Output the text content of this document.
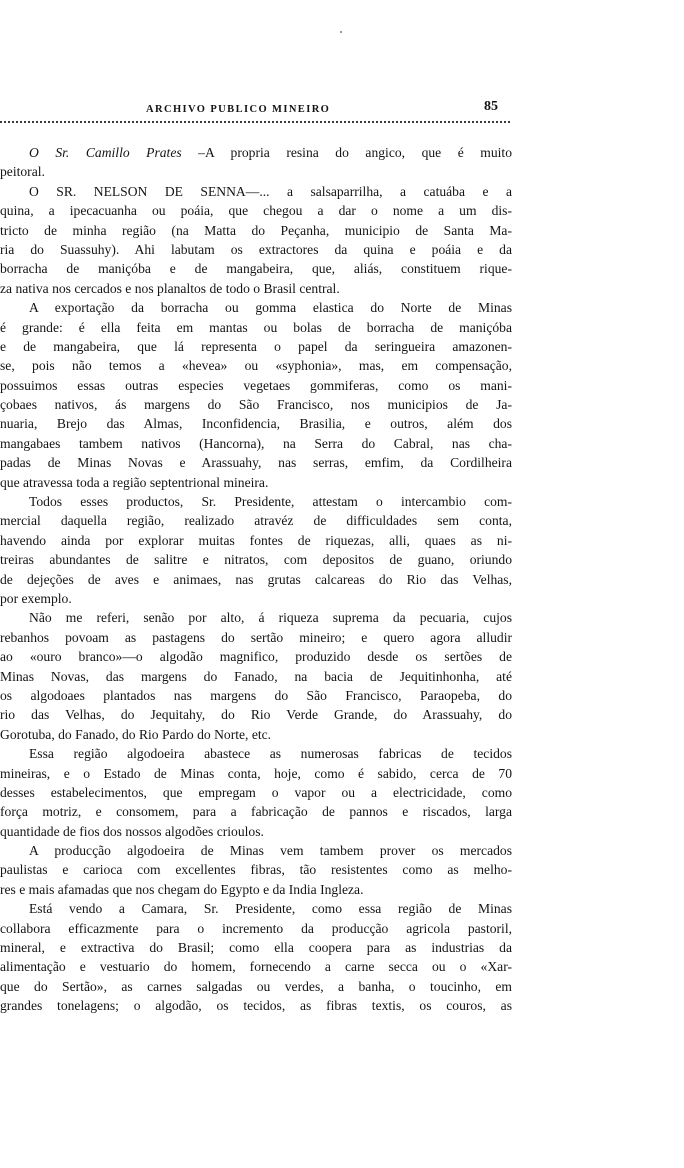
ARCHIVO PUBLICO MINEIRO	85
O Sr. Camillo Prates –A propria resina do angico, que é muito
peitoral.
O SR. NELSON DE SENNA—... a salsaparrilha, a catuába e a
quina, a ipecacuanha ou poáia, que chegou a dar o nome a um dis-
tricto de minha região (na Matta do Peçanha, municipio de Santa Ma-
ria do Suassuhy). Ahi labutam os extractores da quina e poáia e da
borracha de maniçóba e de mangabeira, que, aliás, constituem rique-
za nativa nos cercados e nos planaltos de todo o Brasil central.
A exportação da borracha ou gomma elastica do Norte de Minas
é grande: é ella feita em mantas ou bolas de borracha de maniçóba
e de mangabeira, que lá representa o papel da seringueira amazonen-
se, pois não temos a «hevea» ou «syphonia», mas, em compensação,
possuimos essas outras especies vegetaes gommiferas, como os mani-
çobaes nativos, ás margens do São Francisco, nos municipios de Ja-
nuaria, Brejo das Almas, Inconfidencia, Brasilia, e outros, além dos
mangabaes tambem nativos (Hancorna), na Serra do Cabral, nas cha-
padas de Minas Novas e Arassuahy, nas serras, emfim, da Cordilheira
que atravessa toda a região septentrional mineira.
Todos esses productos, Sr. Presidente, attestam o intercambio com-
mercial daquella região, realizado atravéz de difficuldades sem conta,
havendo ainda por explorar muitas fontes de riquezas, alli, quaes as ni-
treiras abundantes de salitre e nitratos, com depositos de guano, oriundo
de dejeções de aves e animaes, nas grutas calcareas do Rio das Velhas,
por exemplo.
Não me referi, senão por alto, á riqueza suprema da pecuaria, cujos
rebanhos povoam as pastagens do sertão mineiro; e quero agora alludir
ao «ouro branco»—o algodão magnifico, produzido desde os sertões de
Minas Novas, das margens do Fanado, na bacia de Jequitinhonha, até
os algodoaes plantados nas margens do São Francisco, Paraopeba, do
rio das Velhas, do Jequitahy, do Rio Verde Grande, do Arassuahy, do
Gorotuba, do Fanado, do Rio Pardo do Norte, etc.
Essa região algodoeira abastece as numerosas fabricas de tecidos
mineiras, e o Estado de Minas conta, hoje, como é sabido, cerca de 70
desses estabelecimentos, que empregam o vapor ou a electricidade, como
força motriz, e consomem, para a fabricação de pannos e riscados, larga
quantidade de fios dos nossos algodões crioulos.
A producção algodoeira de Minas vem tambem prover os mercados
paulistas e carioca com excellentes fibras, tão resistentes como as melho-
res e mais afamadas que nos chegam do Egypto e da India Ingleza.
Está vendo a Camara, Sr. Presidente, como essa região de Minas
collabora efficazmente para o incremento da producção agricola pastoril,
mineral, e extractiva do Brasil; como ella coopera para as industrias da
alimentação e vestuario do homem, fornecendo a carne secca ou o «Xar-
que do Sertão», as carnes salgadas ou verdes, a banha, o toucinho, em
grandes tonelagens; o algodão, os tecidos, as fibras textis, os couros, as
